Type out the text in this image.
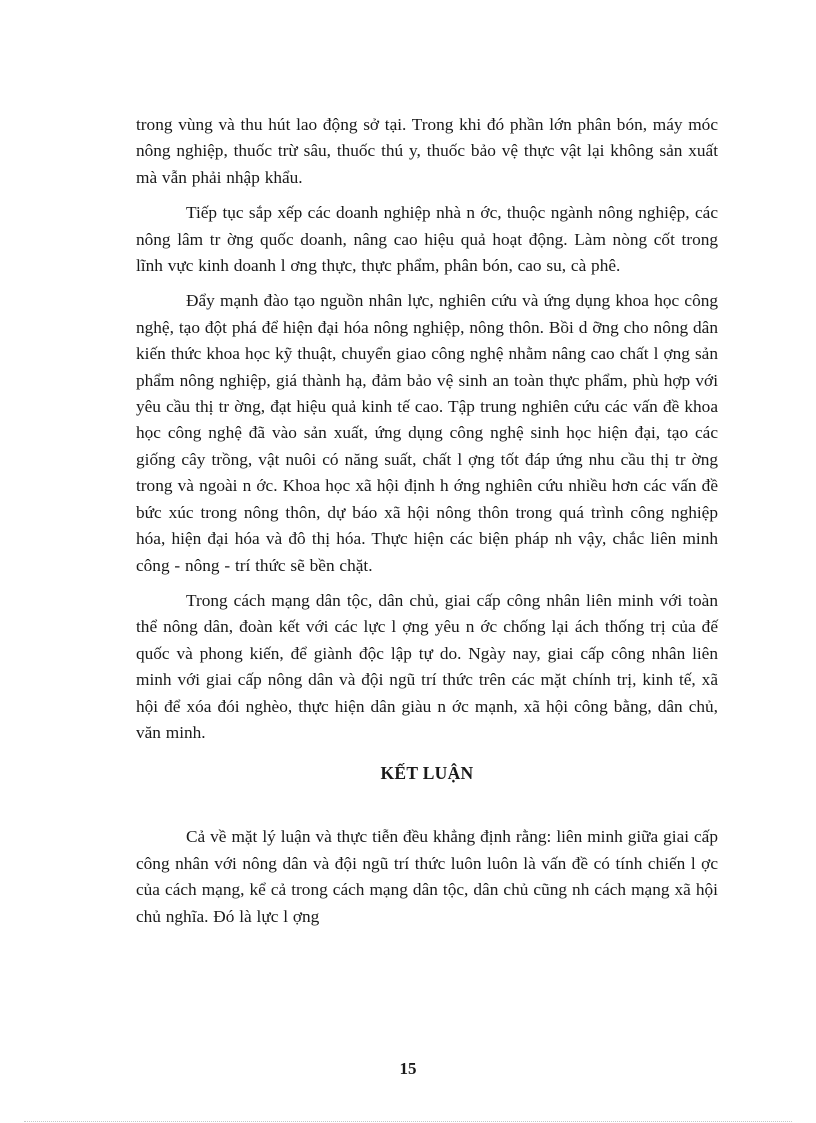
trong vùng và thu hút lao động sở tại. Trong khi đó phần lớn phân bón, máy móc nông nghiệp, thuốc trừ sâu, thuốc thú y, thuốc bảo vệ thực vật lại không sản xuất mà vẫn phải nhập khẩu.

Tiếp tục sắp xếp các doanh nghiệp nhà n ớc, thuộc ngành nông nghiệp, các nông lâm tr ờng quốc doanh, nâng cao hiệu quả hoạt động. Làm nòng cốt trong lĩnh vực kinh doanh l ơng thực, thực phẩm, phân bón, cao su, cà phê.

Đẩy mạnh đào tạo nguồn nhân lực, nghiên cứu và ứng dụng khoa học công nghệ, tạo đột phá để hiện đại hóa nông nghiệp, nông thôn. Bồi d ỡng cho nông dân kiến thức khoa học kỹ thuật, chuyển giao công nghệ nhằm nâng cao chất l ợng sản phẩm nông nghiệp, giá thành hạ, đảm bảo vệ sinh an toàn thực phẩm, phù hợp với yêu cầu thị tr ờng, đạt hiệu quả kinh tế cao. Tập trung nghiên cứu các vấn đề khoa học công nghệ đã vào sản xuất, ứng dụng công nghệ sinh học hiện đại, tạo các giống cây trồng, vật nuôi có năng suất, chất l ợng tốt đáp ứng nhu cầu thị tr ờng trong và ngoài n ớc. Khoa học xã hội định h ớng nghiên cứu nhiều hơn các vấn đề bức xúc trong nông thôn, dự báo xã hội nông thôn trong quá trình công nghiệp hóa, hiện đại hóa và đô thị hóa. Thực hiện các biện pháp nh vậy, chắc liên minh công - nông - trí thức sẽ bền chặt.

Trong cách mạng dân tộc, dân chủ, giai cấp công nhân liên minh với toàn thể nông dân, đoàn kết với các lực l ợng yêu n ớc chống lại ách thống trị của đế quốc và phong kiến, để giành độc lập tự do. Ngày nay, giai cấp công nhân liên minh với giai cấp nông dân và đội ngũ trí thức trên các mặt chính trị, kinh tế, xã hội để xóa đói nghèo, thực hiện dân giàu n ớc mạnh, xã hội công bằng, dân chủ, văn minh.

KẾT LUẬN

Cả về mặt lý luận và thực tiễn đều khẳng định rằng: liên minh giữa giai cấp công nhân với nông dân và đội ngũ trí thức luôn luôn là vấn đề có tính chiến l ợc của cách mạng, kể cả trong cách mạng dân tộc, dân chủ cũng nh cách mạng xã hội chủ nghĩa. Đó là lực l ợng

15
